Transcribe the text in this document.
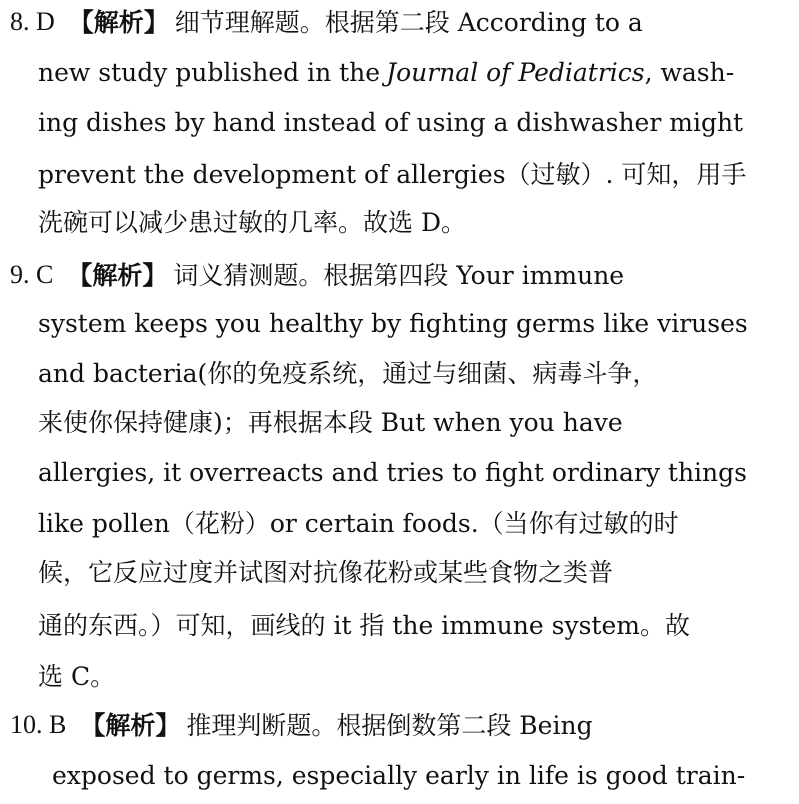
8. D 【解析】 细节理解题。根据第二段 According to a
new study published in the Journal of Pediatrics , wash-
ing dishes by hand instead of using a dishwasher might
prevent the development of allergies（过敏）. 可知，用手
洗碗可以减少患过敏的几率。故选 D。
9. C 【解析】 词义猜测题。根据第四段 Your immune
system keeps you healthy by fighting germs like viruses
and bacteria(你的免疫系统，通过与细菌、病毒斗争，
来使你保持健康)；再根据本段 But when you have
allergies, it overreacts and tries to fight ordinary things
like pollen（花粉）or certain foods.（当你有过敏的时
候，它反应过度并试图对抗像花粉或某些食物之类普
通的东西。）可知，画线的 it 指 the immune system。故
选 C。
10. B 【解析】 推理判断题。根据倒数第二段 Being
exposed to germs, especially early in life is good train-
